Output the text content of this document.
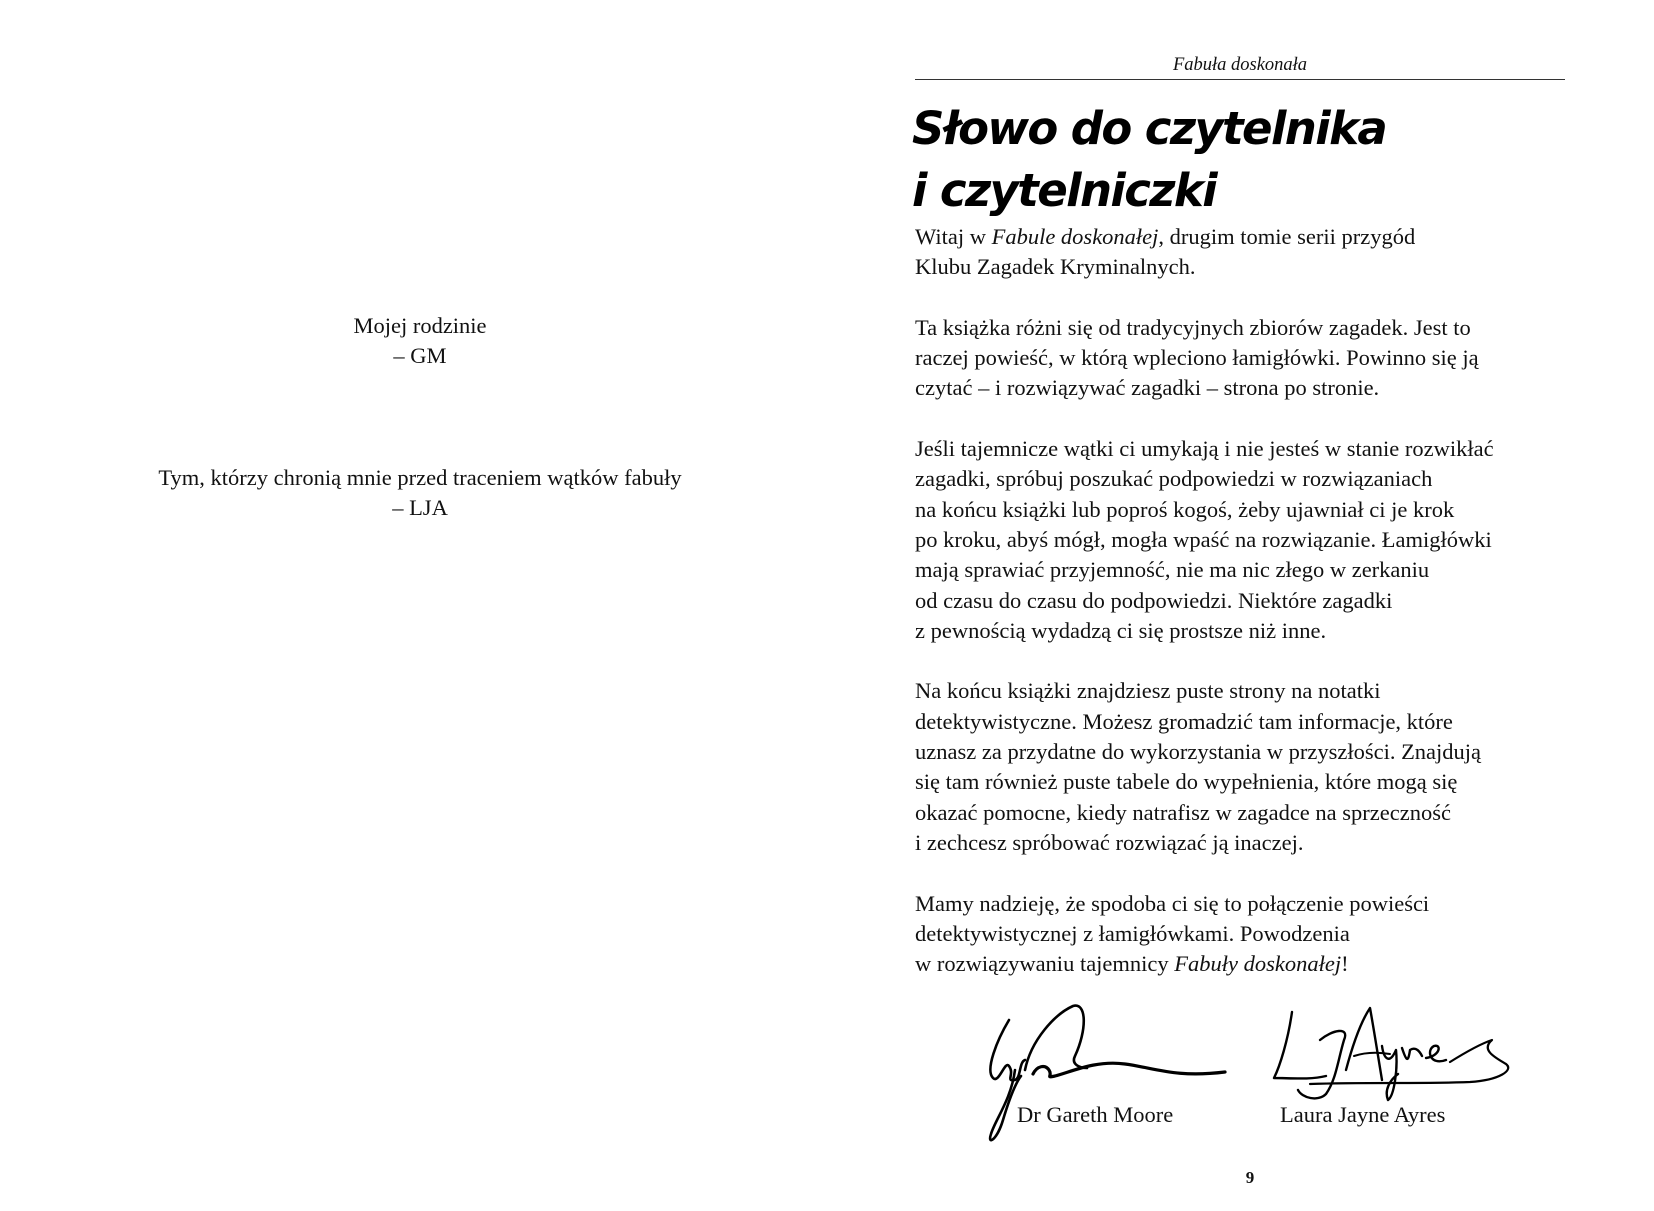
Mojej rodzinie
– GM
Tym, którzy chronią mnie przed traceniem wątków fabuły
– LJA
Fabuła doskonała
Słowo do czytelnika
i czytelniczki

Witaj w Fabule doskonałej, drugim tomie serii przygód
Klubu Zagadek Kryminalnych.

Ta książka różni się od tradycyjnych zbiorów zagadek. Jest to
raczej powieść, w którą wpleciono łamigłówki. Powinno się ją
czytać – i rozwiązywać zagadki – strona po stronie.

Jeśli tajemnicze wątki ci umykają i nie jesteś w stanie rozwikłać
zagadki, spróbuj poszukać podpowiedzi w rozwiązaniach
na końcu książki lub poproś kogoś, żeby ujawniał ci je krok
po kroku, abyś mógł, mogła wpaść na rozwiązanie. Łamigłówki
mają sprawiać przyjemność, nie ma nic złego w zerkaniu
od czasu do czasu do podpowiedzi. Niektóre zagadki
z pewnością wydadzą ci się prostsze niż inne.

Na końcu książki znajdziesz puste strony na notatki
detektywistyczne. Możesz gromadzić tam informacje, które
uznasz za przydatne do wykorzystania w przyszłości. Znajdują
się tam również puste tabele do wypełnienia, które mogą się
okazać pomocne, kiedy natrafisz w zagadce na sprzeczność
i zechcesz spróbować rozwiązać ją inaczej.

Mamy nadzieję, że spodoba ci się to połączenie powieści
detektywistycznej z łamigłówkami. Powodzenia
w rozwiązywaniu tajemnicy Fabuły doskonałej!

Dr Gareth Moore	Laura Jayne Ayres
9
